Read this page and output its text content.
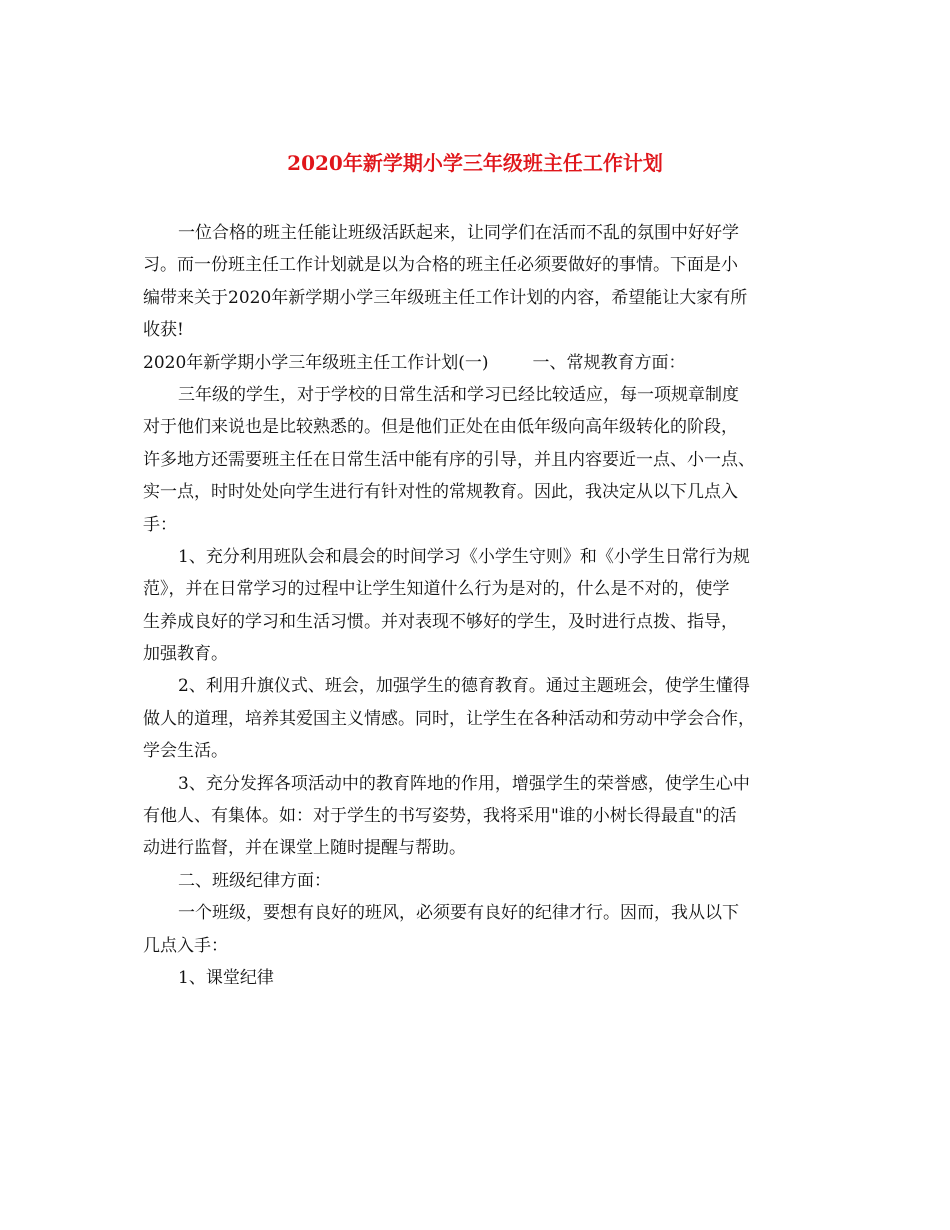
2020年新学期小学三年级班主任工作计划
一位合格的班主任能让班级活跃起来，让同学们在活而不乱的氛围中好好学
习。而一份班主任工作计划就是以为合格的班主任必须要做好的事情。下面是小
编带来关于2020年新学期小学三年级班主任工作计划的内容，希望能让大家有所
收获!
2020年新学期小学三年级班主任工作计划(一)	一、常规教育方面：
三年级的学生，对于学校的日常生活和学习已经比较适应，每一项规章制度
对于他们来说也是比较熟悉的。但是他们正处在由低年级向高年级转化的阶段，
许多地方还需要班主任在日常生活中能有序的引导，并且内容要近一点、小一点、
实一点，时时处处向学生进行有针对性的常规教育。因此，我决定从以下几点入
手：
1、充分利用班队会和晨会的时间学习《小学生守则》和《小学生日常行为规
范》，并在日常学习的过程中让学生知道什么行为是对的，什么是不对的，使学
生养成良好的学习和生活习惯。并对表现不够好的学生，及时进行点拨、指导，
加强教育。
2、利用升旗仪式、班会，加强学生的德育教育。通过主题班会，使学生懂得
做人的道理，培养其爱国主义情感。同时，让学生在各种活动和劳动中学会合作，
学会生活。
3、充分发挥各项活动中的教育阵地的作用，增强学生的荣誉感，使学生心中
有他人、有集体。如：对于学生的书写姿势，我将采用"谁的小树长得最直"的活
动进行监督，并在课堂上随时提醒与帮助。
二、班级纪律方面：
一个班级，要想有良好的班风，必须要有良好的纪律才行。因而，我从以下
几点入手：
1、课堂纪律
